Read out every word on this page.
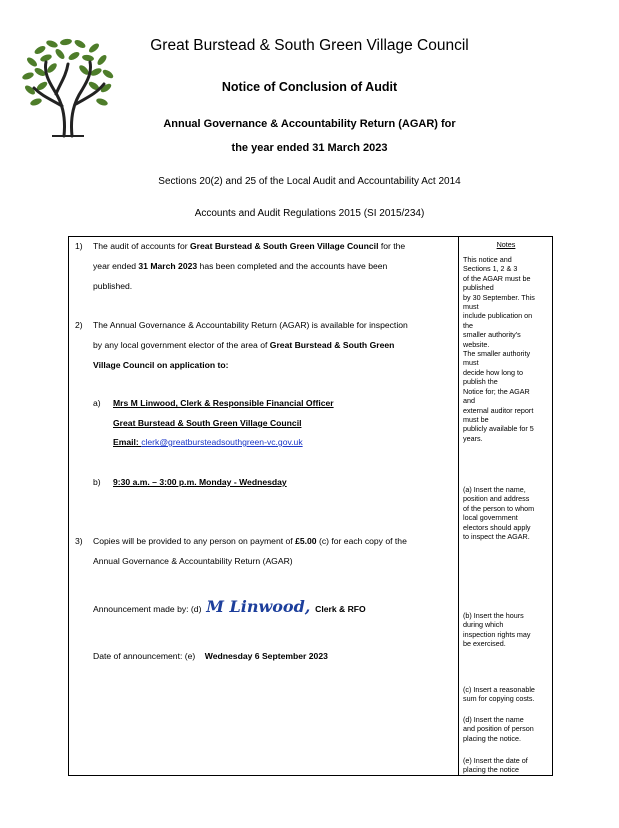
Great Burstead & South Green Village Council
Notice of Conclusion of Audit
Annual Governance & Accountability Return (AGAR) for
the year ended 31 March 2023
Sections 20(2) and 25 of the Local Audit and Accountability Act 2014
Accounts and Audit Regulations 2015 (SI 2015/234)
1) The audit of accounts for Great Burstead & South Green Village Council for the
year ended 31 March 2023 has been completed and the accounts have been
published.
2) The Annual Governance & Accountability Return (AGAR) is available for inspection
by any local government elector of the area of Great Burstead & South Green
Village Council on application to:
a) Mrs M Linwood, Clerk & Responsible Financial Officer
Great Burstead & South Green Village Council
Email: clerk@greatbursteadsouthgreen-vc.gov.uk
b) 9:30 a.m. – 3:00 p.m. Monday - Wednesday
3) Copies will be provided to any person on payment of £5.00 (c) for each copy of the
Annual Governance & Accountability Return (AGAR)
Announcement made by: (d) M Linwood, Clerk & RFO
Date of announcement: (e) Wednesday 6 September 2023
Notes
This notice and
Sections 1, 2 & 3
of the AGAR must be
published
by 30 September. This
must
include publication on
the
smaller authority's
website.
The smaller authority
must
decide how long to
publish the
Notice for; the AGAR
and
external auditor report
must be
publicly available for 5
years.
(a) Insert the name,
position and address
of the person to whom
local government
electors should apply
to inspect the AGAR.
(b) Insert the hours
during which
inspection rights may
be exercised.
(c) Insert a reasonable
sum for copying costs.
(d) Insert the name
and position of person
placing the notice.
(e) Insert the date of
placing the notice
